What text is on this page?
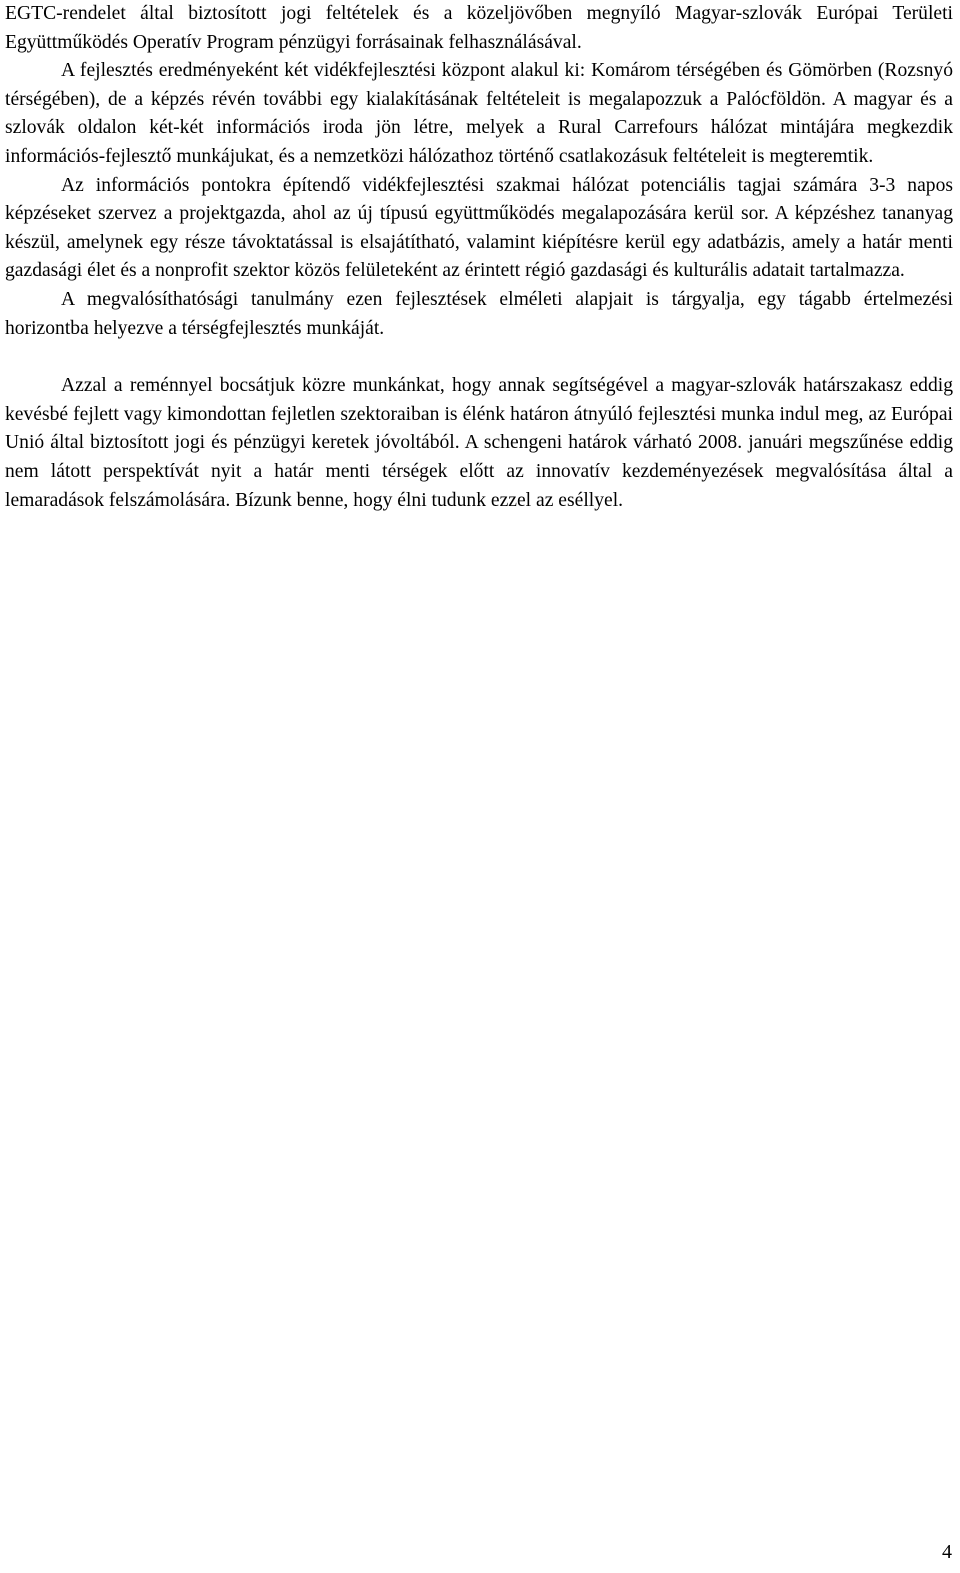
EGTC-rendelet által biztosított jogi feltételek és a közeljövőben megnyíló Magyar-szlovák Európai Területi Együttműködés Operatív Program pénzügyi forrásainak felhasználásával.

A fejlesztés eredményeként két vidékfejlesztési központ alakul ki: Komárom térségében és Gömörben (Rozsnyó térségében), de a képzés révén további egy kialakításának feltételeit is megalapozzuk a Palócföldön. A magyar és a szlovák oldalon két-két információs iroda jön létre, melyek a Rural Carrefours hálózat mintájára megkezdik információs-fejlesztő munkájukat, és a nemzetközi hálózathoz történő csatlakozásuk feltételeit is megteremtik.

Az információs pontokra építendő vidékfejlesztési szakmai hálózat potenciális tagjai számára 3-3 napos képzéseket szervez a projektgazda, ahol az új típusú együttműködés megalapozására kerül sor. A képzéshez tananyag készül, amelynek egy része távoktatással is elsajátítható, valamint kiépítésre kerül egy adatbázis, amely a határ menti gazdasági élet és a nonprofit szektor közös felületeként az érintett régió gazdasági és kulturális adatait tartalmazza.

A megvalósíthatósági tanulmány ezen fejlesztések elméleti alapjait is tárgyalja, egy tágabb értelmezési horizontba helyezve a térségfejlesztés munkáját.

Azzal a reménnyel bocsátjuk közre munkánkat, hogy annak segítségével a magyar-szlovák határszakasz eddig kevésbé fejlett vagy kimondottan fejletlen szektoraiban is élénk határon átnyúló fejlesztési munka indul meg, az Európai Unió által biztosított jogi és pénzügyi keretek jóvoltából. A schengeni határok várható 2008. januári megszűnése eddig nem látott perspektívát nyit a határ menti térségek előtt az innovatív kezdeményezések megvalósítása által a lemaradások felszámolására. Bízunk benne, hogy élni tudunk ezzel az eséllyel.

4
